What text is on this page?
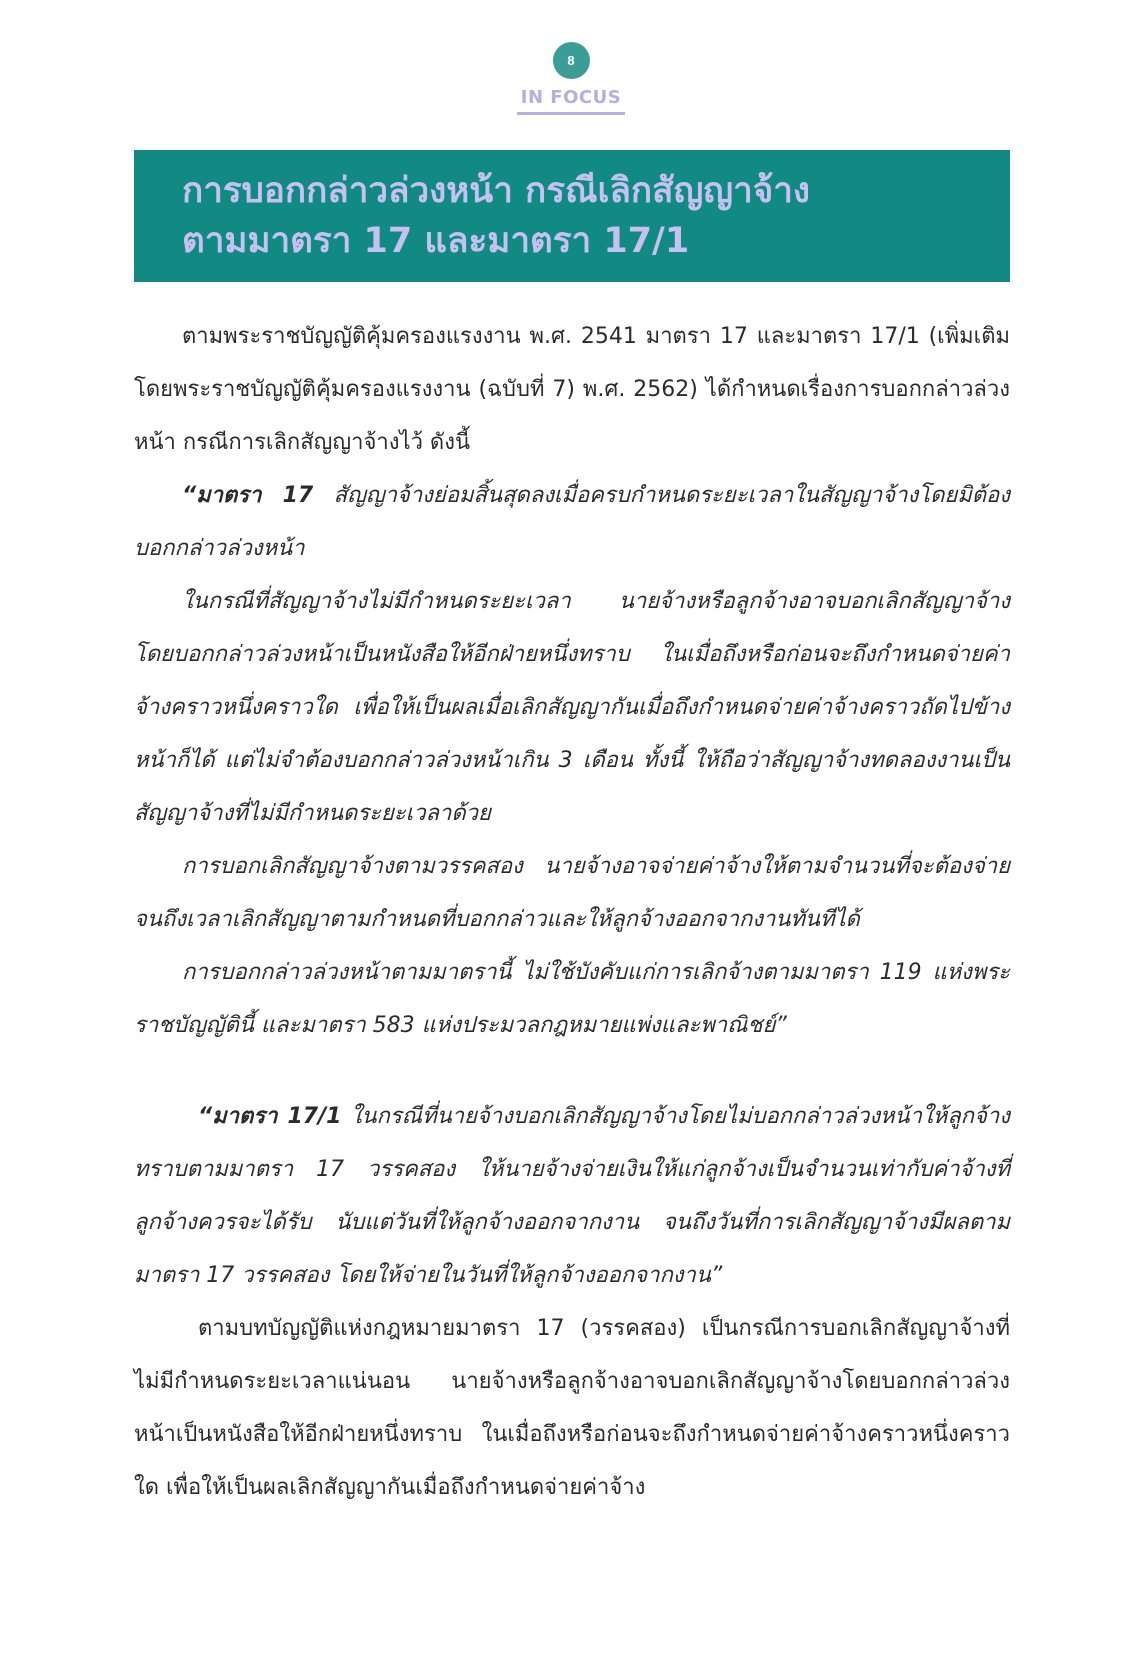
8
IN FOCUS
การบอกกล่าวล่วงหน้า กรณีเลิกสัญญาจ้าง
ตามมาตรา 17 และมาตรา 17/1

ตามพระราชบัญญัติคุ้มครองแรงงาน พ.ศ. 2541 มาตรา 17 และมาตรา 17/1 (เพิ่มเติมโดยพระราชบัญญัติคุ้มครองแรงงาน (ฉบับที่ 7) พ.ศ. 2562) ได้กำหนดเรื่องการบอกกล่าวล่วงหน้า กรณีการเลิกสัญญาจ้างไว้ ดังนี้

“มาตรา 17 สัญญาจ้างย่อมสิ้นสุดลงเมื่อครบกำหนดระยะเวลาในสัญญาจ้างโดยมิต้องบอกกล่าวล่วงหน้า

ในกรณีที่สัญญาจ้างไม่มีกำหนดระยะเวลา นายจ้างหรือลูกจ้างอาจบอกเลิกสัญญาจ้าง โดยบอกกล่าวล่วงหน้าเป็นหนังสือให้อีกฝ่ายหนึ่งทราบ ในเมื่อถึงหรือก่อนจะถึงกำหนดจ่ายค่าจ้างคราวหนึ่งคราวใด เพื่อให้เป็นผลเมื่อเลิกสัญญากันเมื่อถึงกำหนดจ่ายค่าจ้างคราวถัดไปข้างหน้าก็ได้ แต่ไม่จำต้องบอกกล่าวล่วงหน้าเกิน 3 เดือน ทั้งนี้ ให้ถือว่าสัญญาจ้างทดลองงานเป็นสัญญาจ้างที่ไม่มีกำหนดระยะเวลาด้วย

การบอกเลิกสัญญาจ้างตามวรรคสอง นายจ้างอาจจ่ายค่าจ้างให้ตามจำนวนที่จะต้องจ่าย จนถึงเวลาเลิกสัญญาตามกำหนดที่บอกกล่าวและให้ลูกจ้างออกจากงานทันทีได้

การบอกกล่าวล่วงหน้าตามมาตรานี้ ไม่ใช้บังคับแก่การเลิกจ้างตามมาตรา 119 แห่งพระราชบัญญัตินี้ และมาตรา 583 แห่งประมวลกฎหมายแพ่งและพาณิชย์”

“มาตรา 17/1 ในกรณีที่นายจ้างบอกเลิกสัญญาจ้างโดยไม่บอกกล่าวล่วงหน้าให้ลูกจ้างทราบตามมาตรา 17 วรรคสอง ให้นายจ้างจ่ายเงินให้แก่ลูกจ้างเป็นจำนวนเท่ากับค่าจ้างที่ลูกจ้างควรจะได้รับ นับแต่วันที่ให้ลูกจ้างออกจากงาน จนถึงวันที่การเลิกสัญญาจ้างมีผลตามมาตรา 17 วรรคสอง โดยให้จ่ายในวันที่ให้ลูกจ้างออกจากงาน”

ตามบทบัญญัติแห่งกฎหมายมาตรา 17 (วรรคสอง) เป็นกรณีการบอกเลิกสัญญาจ้างที่ไม่มีกำหนดระยะเวลาแน่นอน นายจ้างหรือลูกจ้างอาจบอกเลิกสัญญาจ้างโดยบอกกล่าวล่วงหน้าเป็นหนังสือให้อีกฝ่ายหนึ่งทราบ ในเมื่อถึงหรือก่อนจะถึงกำหนดจ่ายค่าจ้างคราวหนึ่งคราวใด เพื่อให้เป็นผลเลิกสัญญากันเมื่อถึงกำหนดจ่ายค่าจ้าง
